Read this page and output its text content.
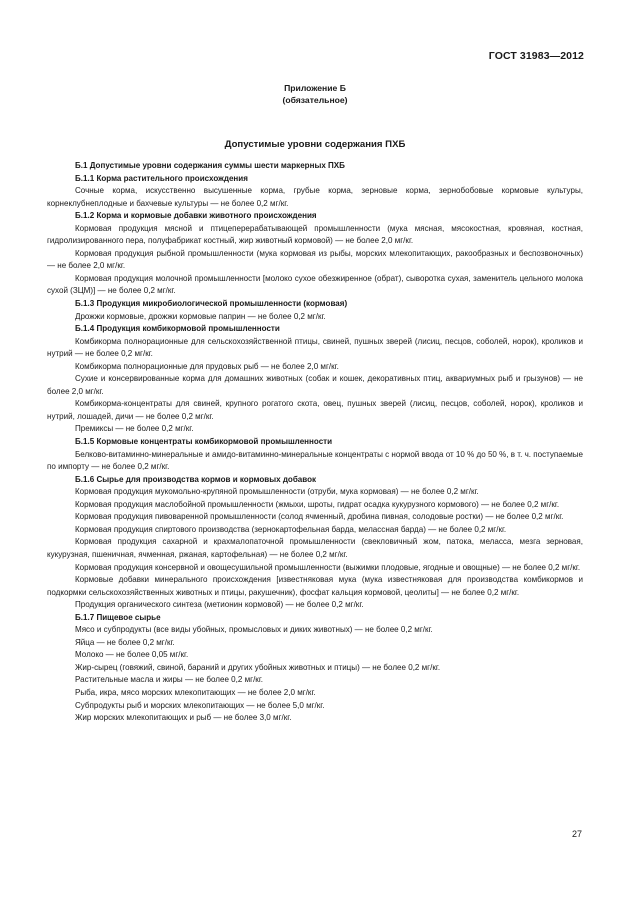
ГОСТ 31983—2012
Приложение Б
(обязательное)
Допустимые уровни содержания ПХБ

Б.1 Допустимые уровни содержания суммы шести маркерных ПХБ

Б.1.1 Корма растительного происхождения

Сочные корма, искусственно высушенные корма, грубые корма, зерновые корма, зернобобовые кормовые культуры, корнеклубнеплодные и бахчевые культуры — не более 0,2 мг/кг.

Б.1.2 Корма и кормовые добавки животного происхождения

Кормовая продукция мясной и птицеперерабатывающей промышленности (мука мясная, мясокостная, кровяная, костная, гидролизированного пера, полуфабрикат костный, жир животный кормовой) — не более 2,0 мг/кг.

Кормовая продукция рыбной промышленности (мука кормовая из рыбы, морских млекопитающих, ракообразных и беспозвоночных) — не более 2,0 мг/кг.

Кормовая продукция молочной промышленности [молоко сухое обезжиренное (обрат), сыворотка сухая, заменитель цельного молока сухой (ЗЦМ)] — не более 0,2 мг/кг.

Б.1.3 Продукция микробиологической промышленности (кормовая)

Дрожжи кормовые, дрожжи кормовые паприн — не более 0,2 мг/кг.

Б.1.4 Продукция комбикормовой промышленности

Комбикорма полнорационные для сельскохозяйственной птицы, свиней, пушных зверей (лисиц, песцов, соболей, норок), кроликов и нутрий — не более 0,2 мг/кг.

Комбикорма полнорационные для прудовых рыб — не более 2,0 мг/кг.

Сухие и консервированные корма для домашних животных (собак и кошек, декоративных птиц, аквариумных рыб и грызунов) — не более 2,0 мг/кг.

Комбикорма-концентраты для свиней, крупного рогатого скота, овец, пушных зверей (лисиц, песцов, соболей, норок), кроликов и нутрий, лошадей, дичи — не более 0,2 мг/кг.

Премиксы — не более 0,2 мг/кг.

Б.1.5 Кормовые концентраты комбикормовой промышленности

Белково-витаминно-минеральные и амидо-витаминно-минеральные концентраты с нормой ввода от 10 % до 50 %, в т. ч. поступаемые по импорту — не более 0,2 мг/кг.

Б.1.6 Сырье для производства кормов и кормовых добавок

Кормовая продукция мукомольно-крупяной промышленности (отруби, мука кормовая) — не более 0,2 мг/кг.

Кормовая продукция маслобойной промышленности (жмыхи, шроты, гидрат осадка кукурузного кормового) — не более 0,2 мг/кг.

Кормовая продукция пивоваренной промышленности (солод ячменный, дробина пивная, солодовые ростки) — не более 0,2 мг/кг.

Кормовая продукция спиртового производства (зернокартофельная барда, мелассная барда) — не более 0,2 мг/кг.

Кормовая продукция сахарной и крахмалопаточной промышленности (свекловичный жом, патока, меласса, мезга зерновая, кукурузная, пшеничная, ячменная, ржаная, картофельная) — не более 0,2 мг/кг.

Кормовая продукция консервной и овощесушильной промышленности (выжимки плодовые, ягодные и овощные) — не более 0,2 мг/кг.

Кормовые добавки минерального происхождения [известняковая мука (мука известняковая для производства комбикормов и подкормки сельскохозяйственных животных и птицы, ракушечник), фосфат кальция кормовой, цеолиты] — не более 0,2 мг/кг.

Продукция органического синтеза (метионин кормовой) — не более 0,2 мг/кг.

Б.1.7 Пищевое сырье

Мясо и субпродукты (все виды убойных, промысловых и диких животных) — не более 0,2 мг/кг.

Яйца — не более 0,2 мг/кг.

Молоко — не более 0,05 мг/кг.

Жир-сырец (говяжий, свиной, бараний и других убойных животных и птицы) — не более 0,2 мг/кг.

Растительные масла и жиры — не более 0,2 мг/кг.

Рыба, икра, мясо морских млекопитающих — не более 2,0 мг/кг.

Субпродукты рыб и морских млекопитающих — не более 5,0 мг/кг.

Жир морских млекопитающих и рыб — не более 3,0 мг/кг.

27
